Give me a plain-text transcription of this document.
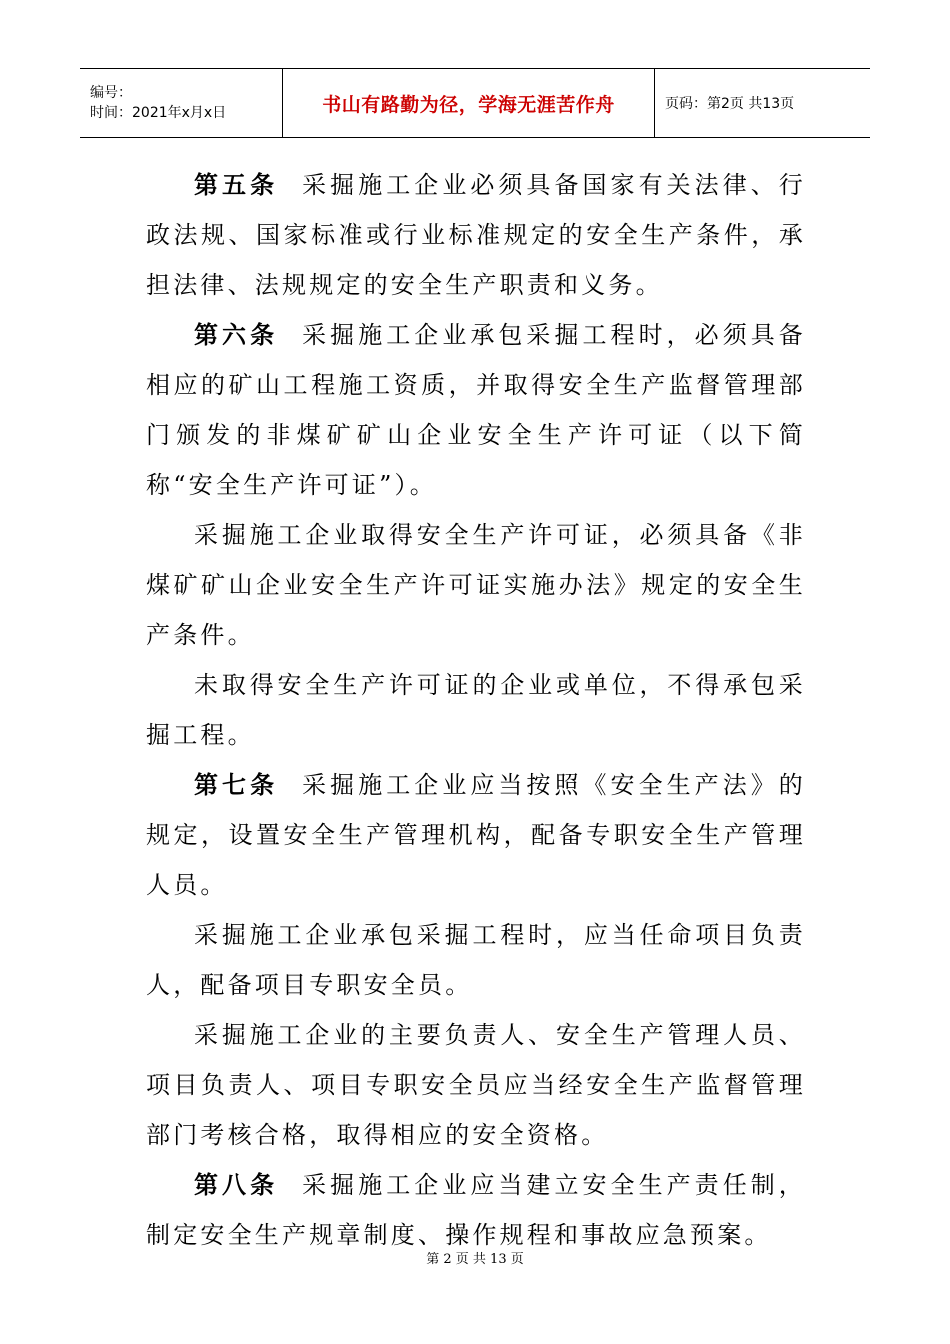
编号：
时间：2021年x月x日	书山有路勤为径，学海无涯苦作舟	页码：第2页 共13页

第五条 采掘施工企业必须具备国家有关法律、行政法规、国家标准或行业标准规定的安全生产条件，承担法律、法规规定的安全生产职责和义务。

第六条 采掘施工企业承包采掘工程时，必须具备相应的矿山工程施工资质，并取得安全生产监督管理部门颁发的非煤矿矿山企业安全生产许可证（以下简称“安全生产许可证”）。

采掘施工企业取得安全生产许可证，必须具备《非煤矿矿山企业安全生产许可证实施办法》规定的安全生产条件。

未取得安全生产许可证的企业或单位，不得承包采掘工程。

第七条 采掘施工企业应当按照《安全生产法》的规定，设置安全生产管理机构，配备专职安全生产管理人员。

采掘施工企业承包采掘工程时，应当任命项目负责人，配备项目专职安全员。

采掘施工企业的主要负责人、安全生产管理人员、项目负责人、项目专职安全员应当经安全生产监督管理部门考核合格，取得相应的安全资格。

第八条 采掘施工企业应当建立安全生产责任制，制定安全生产规章制度、操作规程和事故应急预案。

第 2 页 共 13 页
